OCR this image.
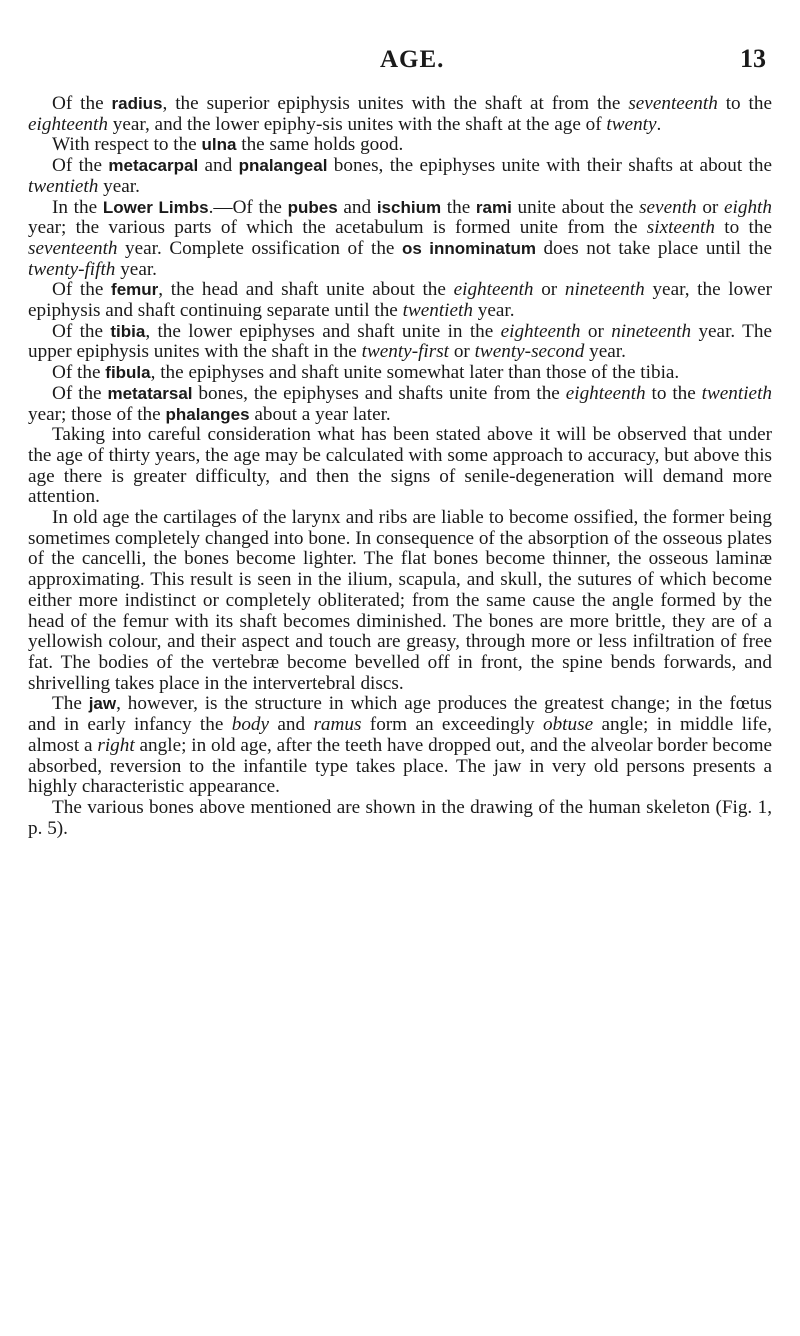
AGE.	13

Of the radius, the superior epiphysis unites with the shaft at from the seventeenth to the eighteenth year, and the lower epiphy-sis unites with the shaft at the age of twenty.

With respect to the ulna the same holds good.

Of the metacarpal and pnalangeal bones, the epiphyses unite with their shafts at about the twentieth year.

In the Lower Limbs.—Of the pubes and ischium the rami unite about the seventh or eighth year; the various parts of which the acetabulum is formed unite from the sixteenth to the seventeenth year. Complete ossification of the os innominatum does not take place until the twenty-fifth year.

Of the femur, the head and shaft unite about the eighteenth or nineteenth year, the lower epiphysis and shaft continuing separate until the twentieth year.

Of the tibia, the lower epiphyses and shaft unite in the eighteenth or nineteenth year. The upper epiphysis unites with the shaft in the twenty-first or twenty-second year.

Of the fibula, the epiphyses and shaft unite somewhat later than those of the tibia.

Of the metatarsal bones, the epiphyses and shafts unite from the eighteenth to the twentieth year; those of the phalanges about a year later.

Taking into careful consideration what has been stated above it will be observed that under the age of thirty years, the age may be calculated with some approach to accuracy, but above this age there is greater difficulty, and then the signs of senile-degeneration will demand more attention.

In old age the cartilages of the larynx and ribs are liable to become ossified, the former being sometimes completely changed into bone. In consequence of the absorption of the osseous plates of the cancelli, the bones become lighter. The flat bones become thinner, the osseous laminæ approximating. This result is seen in the ilium, scapula, and skull, the sutures of which become either more indistinct or completely obliterated; from the same cause the angle formed by the head of the femur with its shaft becomes diminished. The bones are more brittle, they are of a yellowish colour, and their aspect and touch are greasy, through more or less infiltration of free fat. The bodies of the vertebræ become bevelled off in front, the spine bends forwards, and shrivelling takes place in the intervertebral discs.

The jaw, however, is the structure in which age produces the greatest change; in the fœtus and in early infancy the body and ramus form an exceedingly obtuse angle; in middle life, almost a right angle; in old age, after the teeth have dropped out, and the alveolar border become absorbed, reversion to the infantile type takes place. The jaw in very old persons presents a highly characteristic appearance.

The various bones above mentioned are shown in the drawing of the human skeleton (Fig. 1, p. 5).
